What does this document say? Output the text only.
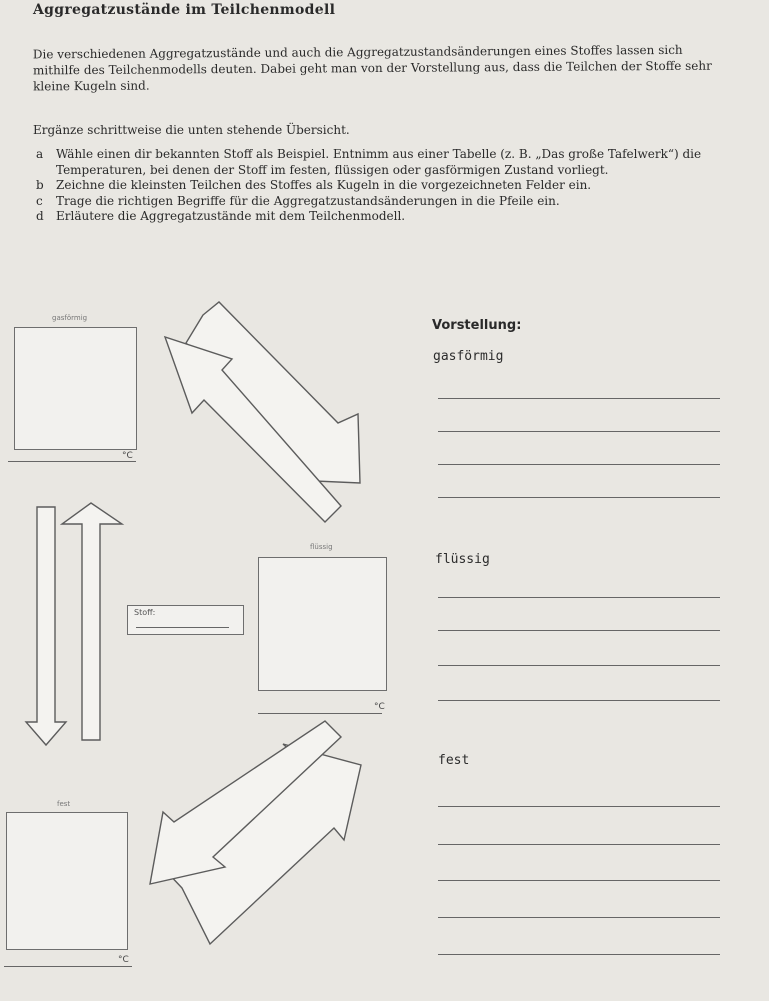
Aggregatzustände im Teilchenmodell

Die verschiedenen Aggregatzustände und auch die Aggregatzustandsänderungen eines Stoffes lassen sich mithilfe des Teilchenmodells deuten. Dabei geht man von der Vorstellung aus, dass die Teilchen der Stoffe sehr kleine Kugeln sind.

Ergänze schrittweise die unten stehende Übersicht.
a	Wähle einen dir bekannten Stoff als Beispiel. Entnimm aus einer Tabelle (z. B. „Das große Tafelwerk“) die Temperaturen, bei denen der Stoff im festen, flüssigen oder gasförmigen Zustand vorliegt.
b	Zeichne die kleinsten Teilchen des Stoffes als Kugeln in die vorgezeichneten Felder ein.
c	Trage die richtigen Begriffe für die Aggregatzustandsänderungen in die Pfeile ein.
d	Erläutere die Aggregatzustände mit dem Teilchenmodell.
gasförmig
°C
flüssig
°C
Stoff:
fest
°C
Vorstellung:
gasförmig
flüssig
fest
